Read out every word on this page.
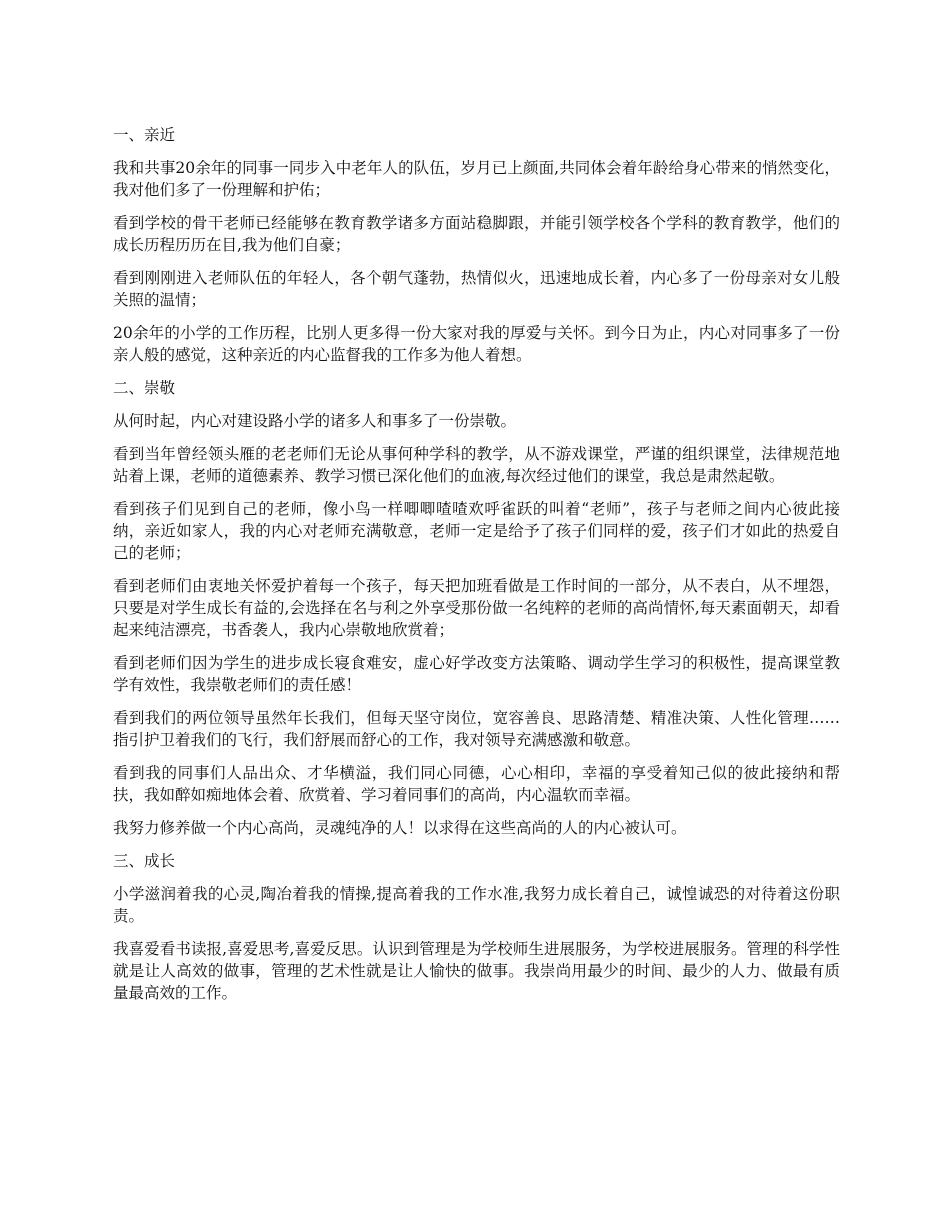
一、亲近

我和共事20余年的同事一同步入中老年人的队伍，岁月已上颜面,共同体会着年龄给身心带来的悄然变化，我对他们多了一份理解和护佑；

看到学校的骨干老师已经能够在教育教学诸多方面站稳脚跟，并能引领学校各个学科的教育教学，他们的成长历程历历在目,我为他们自豪；

看到刚刚进入老师队伍的年轻人，各个朝气蓬勃，热情似火，迅速地成长着，内心多了一份母亲对女儿般关照的温情；

20余年的小学的工作历程，比别人更多得一份大家对我的厚爱与关怀。到今日为止，内心对同事多了一份亲人般的感觉，这种亲近的内心监督我的工作多为他人着想。

二、崇敬

从何时起，内心对建设路小学的诸多人和事多了一份崇敬。

看到当年曾经领头雁的老老师们无论从事何种学科的教学，从不游戏课堂，严谨的组织课堂，法律规范地站着上课，老师的道德素养、教学习惯已深化他们的血液,每次经过他们的课堂，我总是肃然起敬。

看到孩子们见到自己的老师，像小鸟一样唧唧喳喳欢呼雀跃的叫着“老师”，孩子与老师之间内心彼此接纳，亲近如家人，我的内心对老师充满敬意，老师一定是给予了孩子们同样的爱，孩子们才如此的热爱自己的老师；

看到老师们由衷地关怀爱护着每一个孩子，每天把加班看做是工作时间的一部分，从不表白，从不埋怨，只要是对学生成长有益的,会选择在名与利之外享受那份做一名纯粹的老师的高尚情怀,每天素面朝天，却看起来纯洁漂亮，书香袭人，我内心崇敬地欣赏着；

看到老师们因为学生的进步成长寝食难安，虚心好学改变方法策略、调动学生学习的积极性，提高课堂教学有效性，我崇敬老师们的责任感！

看到我们的两位领导虽然年长我们，但每天坚守岗位，宽容善良、思路清楚、精准决策、人性化管理……指引护卫着我们的飞行，我们舒展而舒心的工作，我对领导充满感激和敬意。

看到我的同事们人品出众、才华横溢，我们同心同德，心心相印，幸福的享受着知己似的彼此接纳和帮扶，我如醉如痴地体会着、欣赏着、学习着同事们的高尚，内心温软而幸福。

我努力修养做一个内心高尚，灵魂纯净的人！以求得在这些高尚的人的内心被认可。

三、成长

小学滋润着我的心灵,陶冶着我的情操,提高着我的工作水准,我努力成长着自己，诚惶诚恐的对待着这份职责。

我喜爱看书读报,喜爱思考,喜爱反思。认识到管理是为学校师生进展服务，为学校进展服务。管理的科学性就是让人高效的做事，管理的艺术性就是让人愉快的做事。我崇尚用最少的时间、最少的人力、做最有质量最高效的工作。
